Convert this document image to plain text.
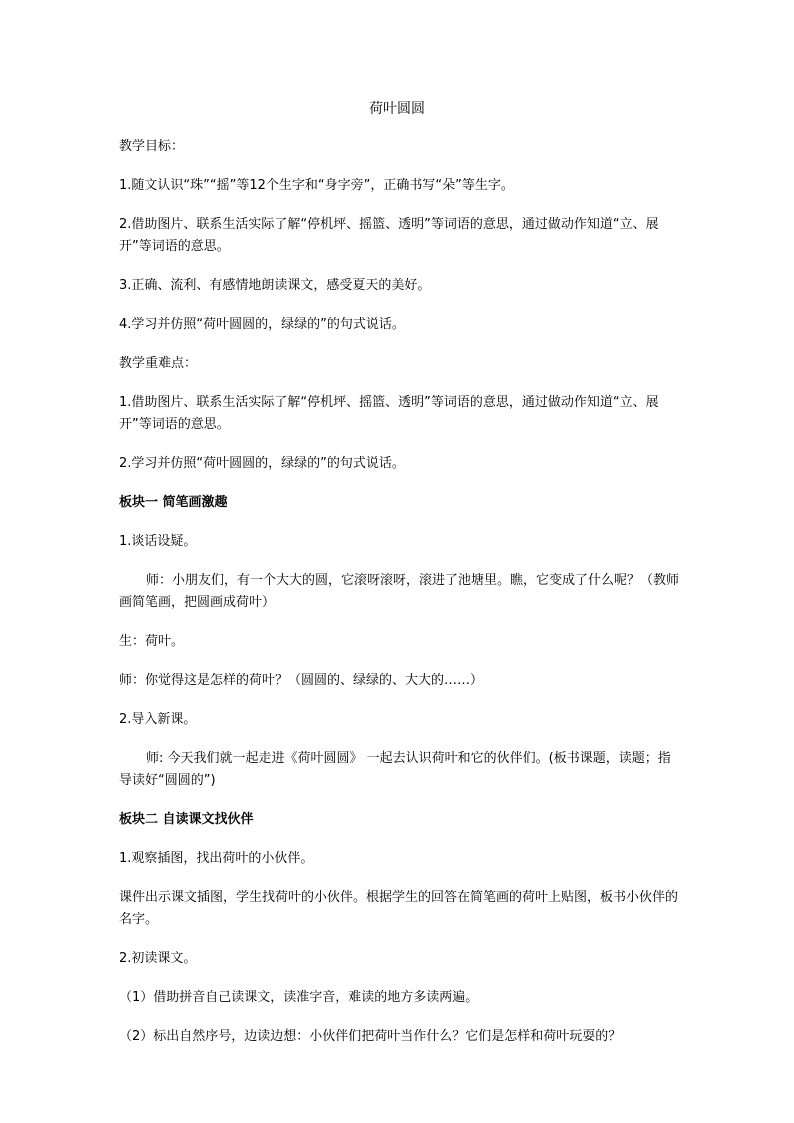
荷叶圆圆

教学目标：

1.随文认识“珠”“摇”等12个生字和“身字旁”，正确书写“朵”等生字。

2.借助图片、联系生活实际了解“停机坪、摇篮、透明”等词语的意思，通过做动作知道“立、展开”等词语的意思。

3.正确、流利、有感情地朗读课文，感受夏天的美好。

4.学习并仿照“荷叶圆圆的，绿绿的”的句式说话。

教学重难点：

1.借助图片、联系生活实际了解“停机坪、摇篮、透明”等词语的意思，通过做动作知道“立、展开”等词语的意思。

2.学习并仿照“荷叶圆圆的，绿绿的”的句式说话。

板块一 简笔画激趣

1.谈话设疑。

师：小朋友们，有一个大大的圆，它滚呀滚呀，滚进了池塘里。瞧，它变成了什么呢？（教师画简笔画，把圆画成荷叶）

生：荷叶。

师：你觉得这是怎样的荷叶？（圆圆的、绿绿的、大大的……）

2.导入新课。

师: 今天我们就一起走进《荷叶圆圆》 一起去认识荷叶和它的伙伴们。(板书课题，读题；指导读好“圆圆的”)

板块二 自读课文找伙伴

1.观察插图，找出荷叶的小伙伴。

课件出示课文插图，学生找荷叶的小伙伴。根据学生的回答在简笔画的荷叶上贴图，板书小伙伴的名字。

2.初读课文。

（1）借助拼音自己读课文，读准字音，难读的地方多读两遍。

（2）标出自然序号，边读边想：小伙伴们把荷叶当作什么？它们是怎样和荷叶玩耍的？
